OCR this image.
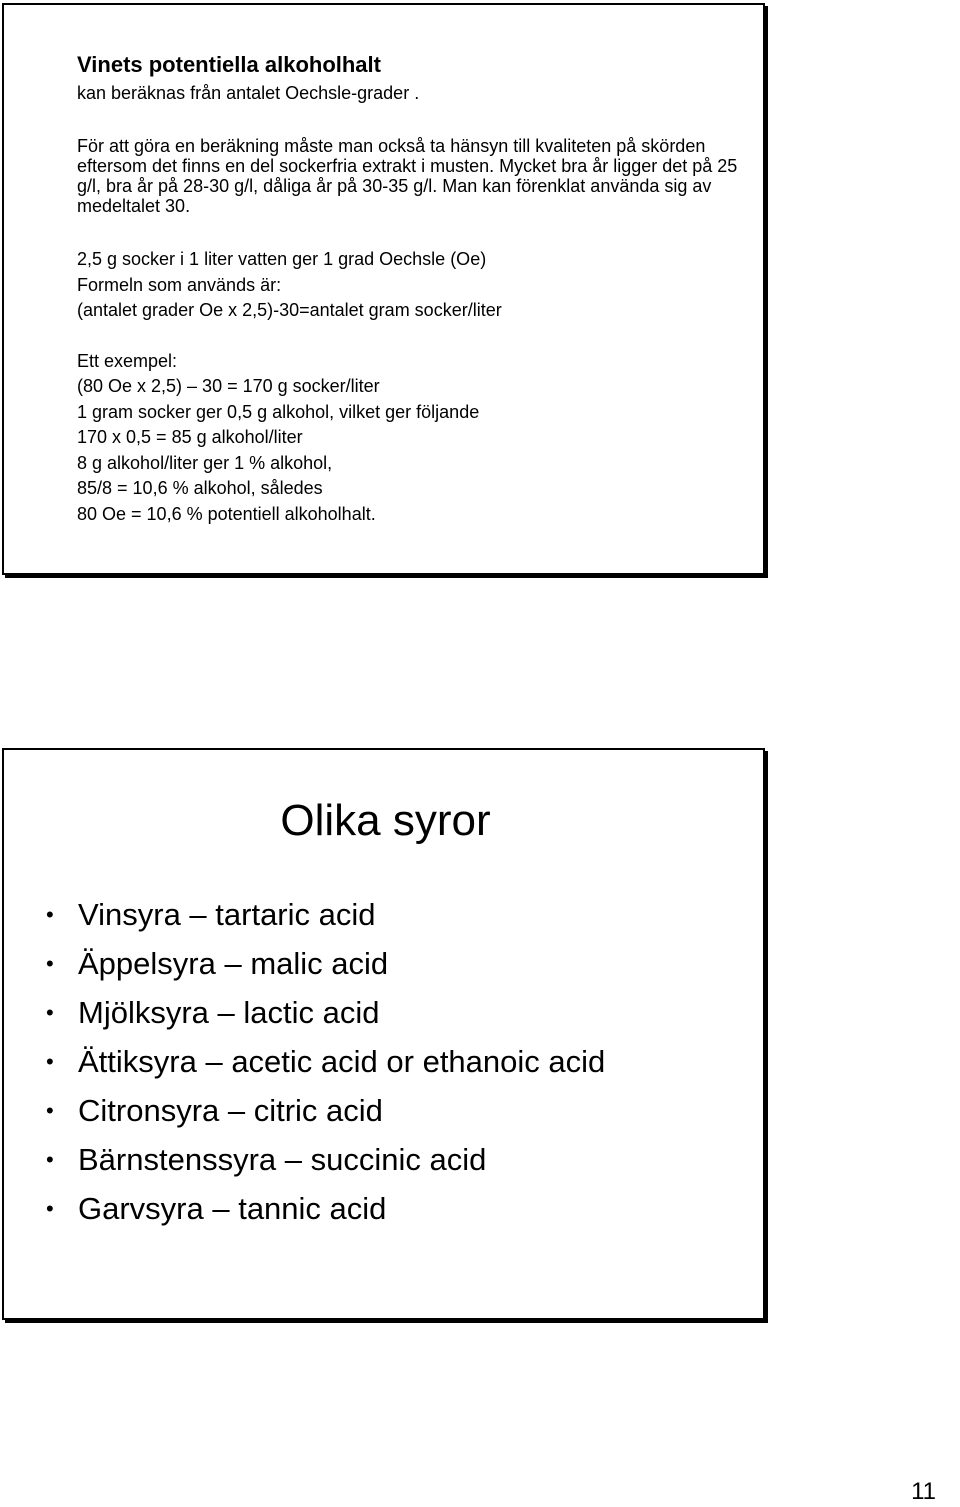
Vinets potentiella alkoholhalt

kan beräknas från antalet Oechsle-grader .

För att göra en beräkning måste man också ta hänsyn till kvaliteten på skörden eftersom det finns en del sockerfria extrakt i musten. Mycket bra år ligger det på 25 g/l, bra år på 28-30 g/l, dåliga år på 30-35 g/l. Man kan förenklat använda sig av medeltalet 30.

2,5 g socker i 1 liter vatten ger 1 grad Oechsle (Oe)

Formeln som används är:

(antalet grader Oe x 2,5)-30=antalet gram socker/liter

Ett exempel:

(80 Oe x 2,5) – 30 = 170 g socker/liter

1 gram socker ger 0,5 g alkohol, vilket ger följande

170 x 0,5 = 85 g alkohol/liter

8 g alkohol/liter ger 1 % alkohol,

85/8 = 10,6 % alkohol, således

80 Oe = 10,6 % potentiell alkoholhalt.

Olika syror

• Vinsyra – tartaric acid
• Äppelsyra – malic acid
• Mjölksyra – lactic acid
• Ättiksyra – acetic acid or ethanoic acid
• Citronsyra – citric acid
• Bärnstenssyra – succinic acid
• Garvsyra – tannic acid
11
